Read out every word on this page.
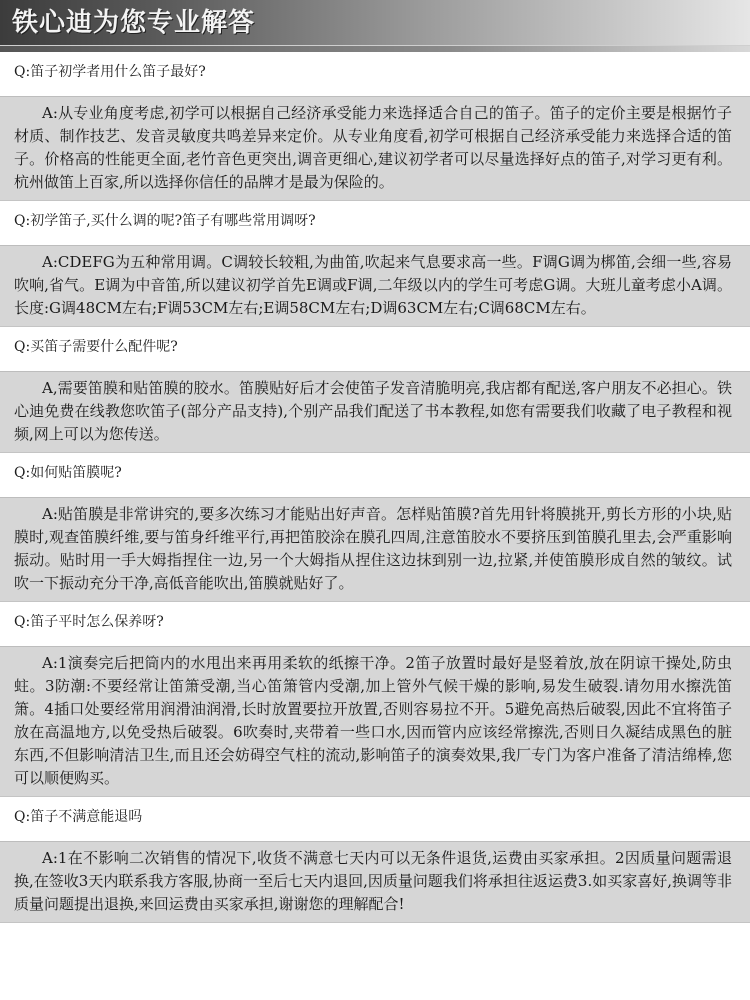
铁心迪为您专业解答
Q:笛子初学者用什么笛子最好?
A:从专业角度考虑,初学可以根据自己经济承受能力来选择适合自己的笛子。笛子的定价主要是根据竹子材质、制作技艺、发音灵敏度共鸣差异来定价。从专业角度看,初学可根据自己经济承受能力来选择合适的笛子。价格高的性能更全面,老竹音色更突出,调音更细心,建议初学者可以尽量选择好点的笛子,对学习更有利。杭州做笛上百家,所以选择你信任的品牌才是最为保险的。
Q:初学笛子,买什么调的呢?笛子有哪些常用调呀?
A:CDEFG为五种常用调。C调较长较粗,为曲笛,吹起来气息要求高一些。F调G调为梆笛,会细一些,容易吹响,省气。E调为中音笛,所以建议初学首先E调或F调,二年级以内的学生可考虑G调。大班儿童考虑小A调。长度:G调48CM左右;F调53CM左右;E调58CM左右;D调63CM左右;C调68CM左右。
Q:买笛子需要什么配件呢?
A,需要笛膜和贴笛膜的胶水。笛膜贴好后才会使笛子发音清脆明亮,我店都有配送,客户朋友不必担心。铁心迪免费在线教您吹笛子(部分产品支持),个别产品我们配送了书本教程,如您有需要我们收藏了电子教程和视频,网上可以为您传送。
Q:如何贴笛膜呢?
A:贴笛膜是非常讲究的,要多次练习才能贴出好声音。怎样贴笛膜?首先用针将膜挑开,剪长方形的小块,贴膜时,观查笛膜纤维,要与笛身纤维平行,再把笛胶涂在膜孔四周,注意笛胶水不要挤压到笛膜孔里去,会严重影响振动。贴时用一手大姆指捏住一边,另一个大姆指从捏住这边抹到别一边,拉紧,并使笛膜形成自然的皱纹。试吹一下振动充分干净,高低音能吹出,笛膜就贴好了。
Q:笛子平时怎么保养呀?
A:1演奏完后把筒内的水甩出来再用柔软的纸擦干净。2笛子放置时最好是竖着放,放在阴谅干操处,防虫蛀。3防潮:不要经常让笛箫受潮,当心笛箫管内受潮,加上管外气候干燥的影响,易发生破裂.请勿用水擦洗笛箫。4插口处要经常用润滑油润滑,长时放置要拉开放置,否则容易拉不开。5避免高热后破裂,因此不宜将笛子放在高温地方,以免受热后破裂。6吹奏时,夹带着一些口水,因而管内应该经常擦洗,否则日久凝结成黑色的脏东西,不但影响清洁卫生,而且还会妨碍空气柱的流动,影响笛子的演奏效果,我厂专门为客户准备了清洁绵棒,您可以顺便购买。
Q:笛子不满意能退吗
A:1在不影响二次销售的情况下,收货不满意七天内可以无条件退货,运费由买家承担。2因质量问题需退换,在签收3天内联系我方客服,协商一至后七天内退回,因质量问题我们将承担往返运费3.如买家喜好,换调等非质量问题提出退换,来回运费由买家承担,谢谢您的理解配合!
